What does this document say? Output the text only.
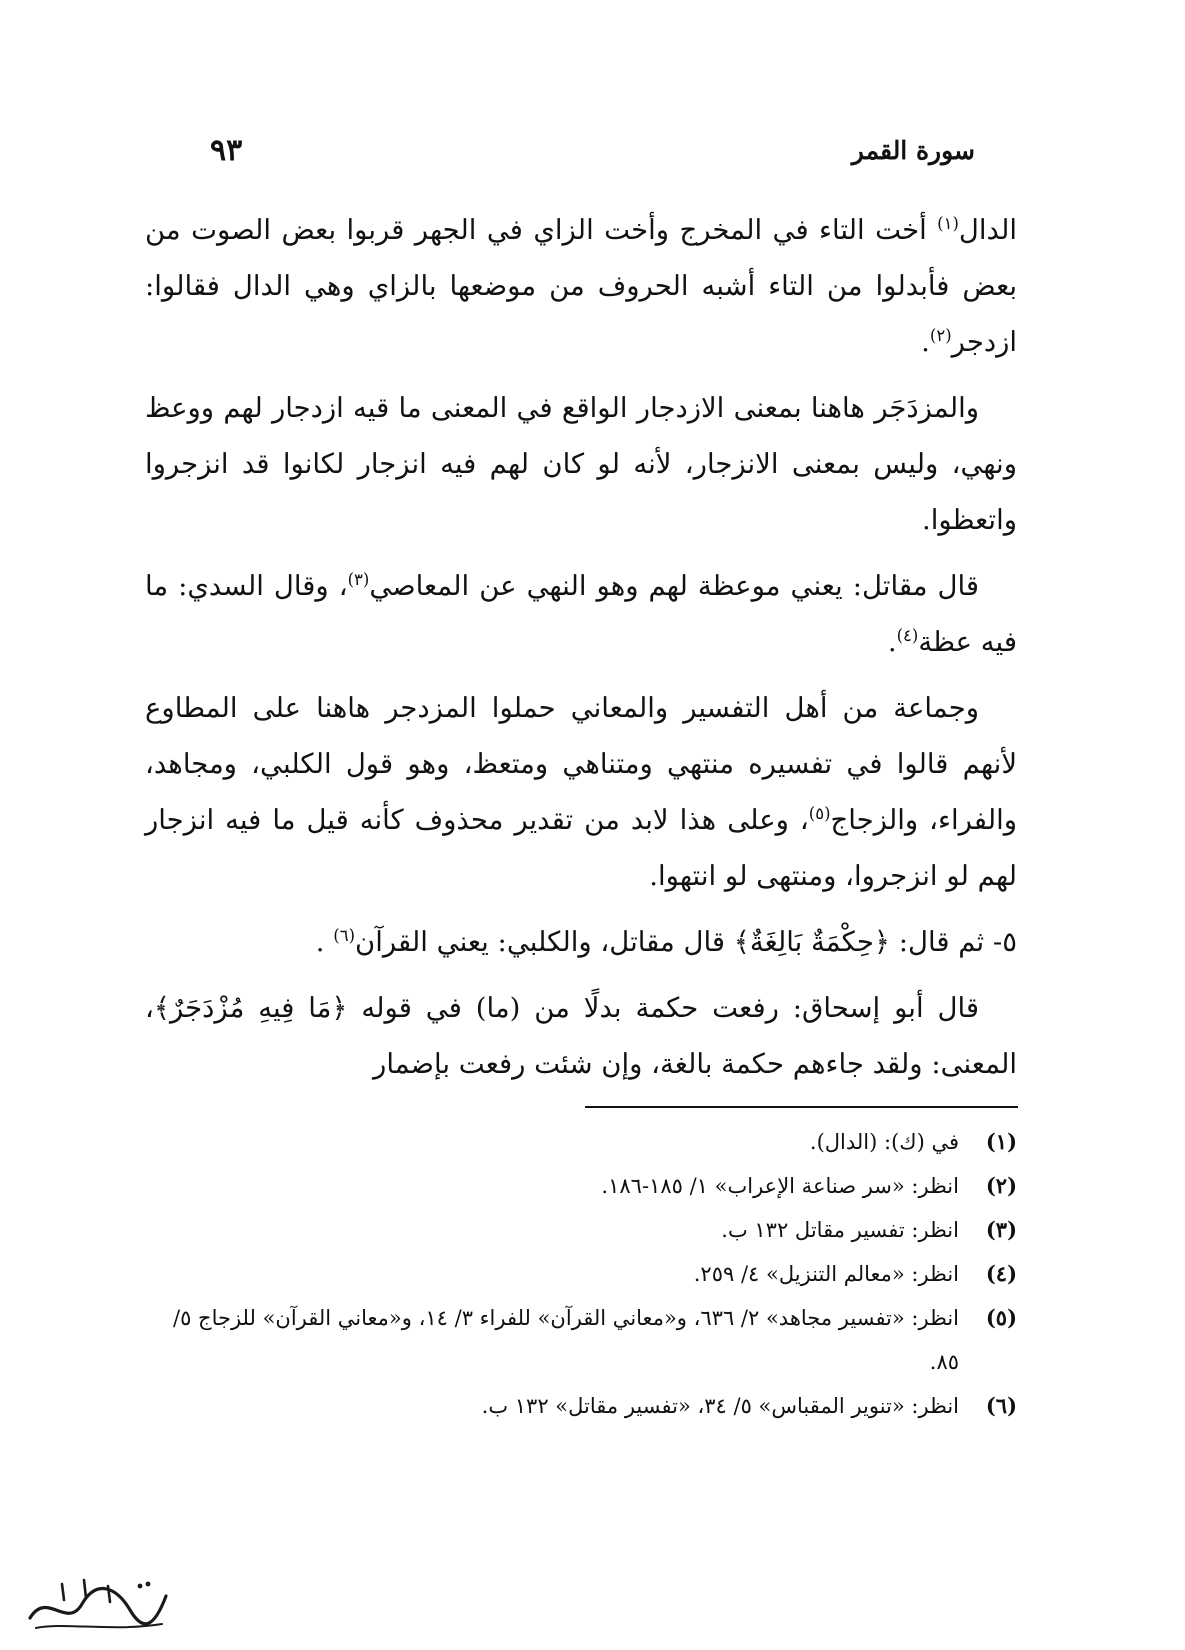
سورة القمر
٩٣

الدال$^{(١)}$ أخت التاء في المخرج وأخت الزاي في الجهر قربوا بعض الصوت من بعض فأبدلوا من التاء أشبه الحروف من موضعها بالزاي وهي الدال فقالوا: ازدجر$^{(٢)}$.

والمزدَجَر هاهنا بمعنى الازدجار الواقع في المعنى ما قيه ازدجار لهم ووعظ ونهي، وليس بمعنى الانزجار، لأنه لو كان لهم فيه انزجار لكانوا قد انزجروا واتعظوا.

قال مقاتل: يعني موعظة لهم وهو النهي عن المعاصي$^{(٣)}$، وقال السدي: ما فيه عظة$^{(٤)}$.

وجماعة من أهل التفسير والمعاني حملوا المزدجر هاهنا على المطاوع لأنهم قالوا في تفسيره منتهي ومتناهي ومتعظ، وهو قول الكلبي، ومجاهد، والفراء، والزجاج$^{(٥)}$، وعلى هذا لابد من تقدير محذوف كأنه قيل ما فيه انزجار لهم لو انزجروا، ومنتهى لو انتهوا.

٥- ثم قال: ﴿حِكْمَةٌ بَالِغَةٌ﴾ قال مقاتل، والكلبي: يعني القرآن$^{(٦)}$ .

قال أبو إسحاق: رفعت حكمة بدلًا من (ما) في قوله ﴿مَا فِيهِ مُزْدَجَرٌ﴾، المعنى: ولقد جاءهم حكمة بالغة، وإن شئت رفعت بإضمار

(١)
في (ك): (الدال).
(٢)
انظر: «سر صناعة الإعراب» ١/ ١٨٥-١٨٦.
(٣)
انظر: تفسير مقاتل ١٣٢ ب.
(٤)
انظر: «معالم التنزيل» ٤/ ٢٥٩.
(٥)
انظر: «تفسير مجاهد» ٢/ ٦٣٦، و«معاني القرآن» للفراء ٣/ ١٤، و«معاني القرآن» للزجاج ٥/ ٨٥.
(٦)
انظر: «تنوير المقباس» ٥/ ٣٤، «تفسير مقاتل» ١٣٢ ب.
